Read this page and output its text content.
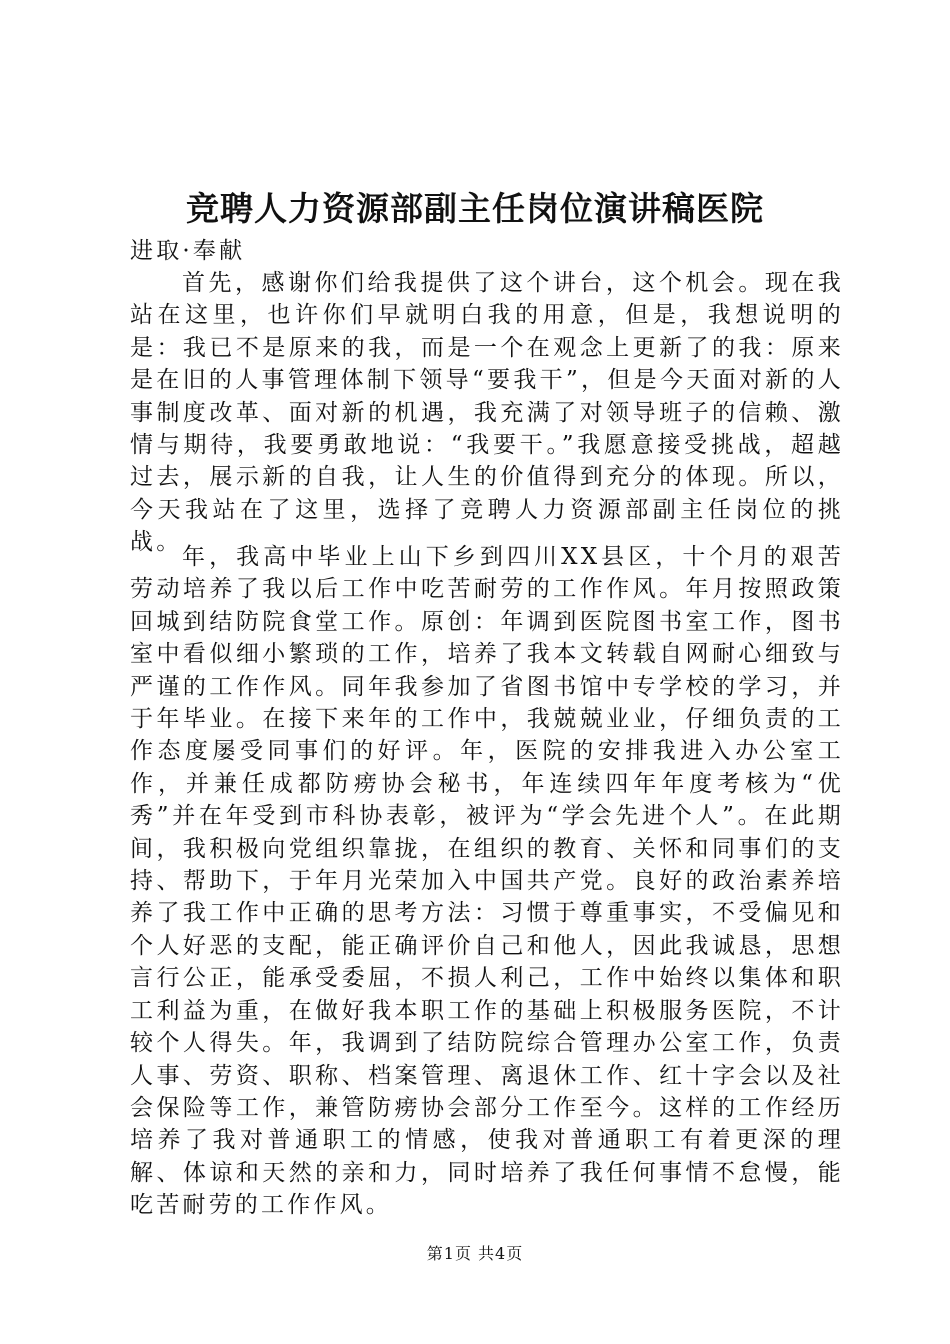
竞聘人力资源部副主任岗位演讲稿医院
进取·奉献
首先，感谢你们给我提供了这个讲台，这个机会。现在我站在这里，也许你们早就明白我的用意，但是，我想说明的是：我已不是原来的我，而是一个在观念上更新了的我：原来是在旧的人事管理体制下领导“要我干”，但是今天面对新的人事制度改革、面对新的机遇，我充满了对领导班子的信赖、激情与期待，我要勇敢地说：“我要干。”我愿意接受挑战，超越过去，展示新的自我，让人生的价值得到充分的体现。所以，今天我站在了这里，选择了竞聘人力资源部副主任岗位的挑战。
年，我高中毕业上山下乡到四川XX县区，十个月的艰苦劳动培养了我以后工作中吃苦耐劳的工作作风。年月按照政策回城到结防院食堂工作。原创：年调到医院图书室工作，图书室中看似细小繁琐的工作，培养了我本文转载自网耐心细致与严谨的工作作风。同年我参加了省图书馆中专学校的学习，并于年毕业。在接下来年的工作中，我兢兢业业，仔细负责的工作态度屡受同事们的好评。年，医院的安排我进入办公室工作，并兼任成都防痨协会秘书，年连续四年年度考核为“优秀”并在年受到市科协表彰，被评为“学会先进个人”。在此期间，我积极向党组织靠拢，在组织的教育、关怀和同事们的支持、帮助下，于年月光荣加入中国共产党。良好的政治素养培养了我工作中正确的思考方法：习惯于尊重事实，不受偏见和个人好恶的支配，能正确评价自己和他人，因此我诚恳，思想言行公正，能承受委屈，不损人利己，工作中始终以集体和职工利益为重，在做好我本职工作的基础上积极服务医院，不计较个人得失。年，我调到了结防院综合管理办公室工作，负责人事、劳资、职称、档案管理、离退休工作、红十字会以及社会保险等工作，兼管防痨协会部分工作至今。这样的工作经历培养了我对普通职工的情感，使我对普通职工有着更深的理解、体谅和天然的亲和力，同时培养了我任何事情不怠慢，能吃苦耐劳的工作作风。
第1页 共4页
